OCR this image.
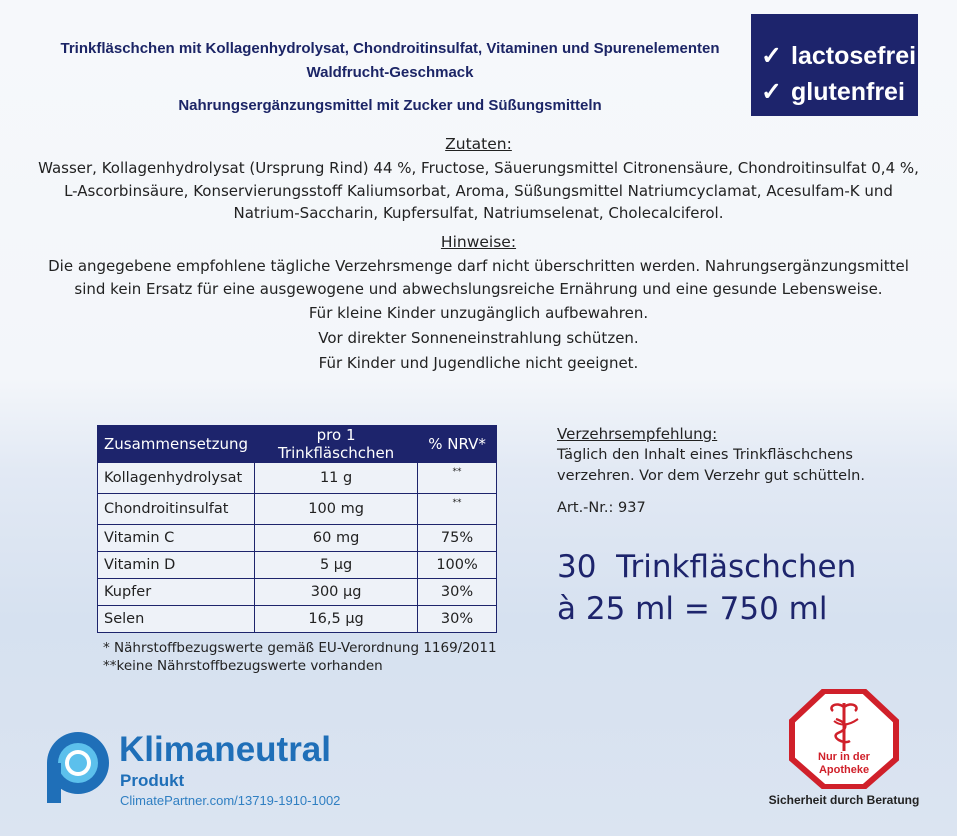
Trinkfläschchen mit Kollagenhydrolysat, Chondroitinsulfat, Vitaminen und Spurenelementen
Waldfrucht-Geschmack
Nahrungsergänzungsmittel mit Zucker und Süßungsmitteln
✓ lactosefrei
✓ glutenfrei
Zutaten:
Wasser, Kollagenhydrolysat (Ursprung Rind) 44 %, Fructose, Säuerungsmittel Citronensäure, Chondroitinsulfat 0,4 %,
L-Ascorbinsäure, Konservierungsstoff Kaliumsorbat, Aroma, Süßungsmittel Natriumcyclamat, Acesulfam-K und
Natrium-Saccharin, Kupfersulfat, Natriumselenat, Cholecalciferol.
Hinweise:
Die angegebene empfohlene tägliche Verzehrsmenge darf nicht überschritten werden. Nahrungsergänzungsmittel
sind kein Ersatz für eine ausgewogene und abwechslungsreiche Ernährung und eine gesunde Lebensweise.
Für kleine Kinder unzugänglich aufbewahren.
Vor direkter Sonneneinstrahlung schützen.
Für Kinder und Jugendliche nicht geeignet.
Zusammensetzung	pro 1 Trinkfläschchen	% NRV*
Kollagenhydrolysat	11 g	**
Chondroitinsulfat	100 mg	**
Vitamin C	60 mg	75%
Vitamin D	5 µg	100%
Kupfer	300 µg	30%
Selen	16,5 µg	30%
* Nährstoffbezugswerte gemäß EU-Verordnung 1169/2011
**keine Nährstoffbezugswerte vorhanden
Verzehrsempfehlung:
Täglich den Inhalt eines Trinkfläschchens
verzehren. Vor dem Verzehr gut schütteln.
Art.-Nr.: 937
30  Trinkfläschchen
à 25 ml = 750 ml
Klimaneutral
Produkt
ClimatePartner.com/13719-1910-1002
Nur in der
Apotheke
Sicherheit durch Beratung
